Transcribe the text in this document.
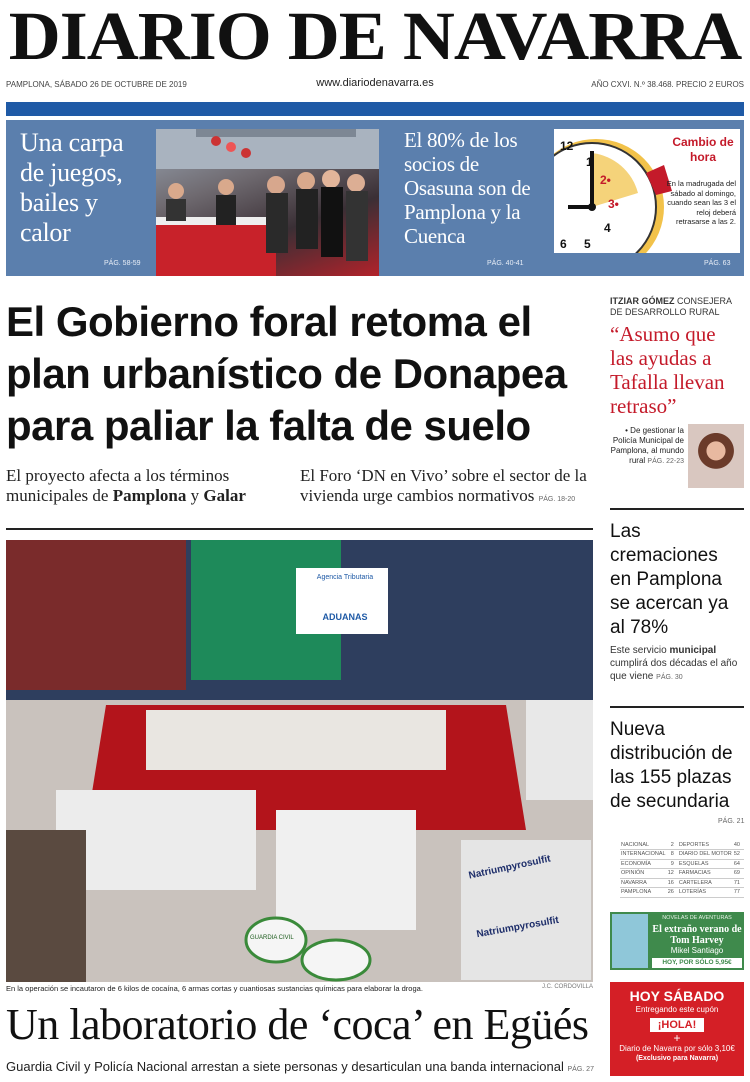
DIARIO DE NAVARRA
PAMPLONA, SÁBADO 26 DE OCTUBRE DE 2019	www.diariodenavarra.es	AÑO CXVI. N.º 38.468. PRECIO 2 EUROS
Una carpa de juegos, bailes y calor
PÁG. 58-59
El 80% de los socios de Osasuna son de Pamplona y la Cuenca
PÁG. 40-41
12
1
2•
3•
4
5
6
Cambio de hora
En la madrugada del sábado al domingo, cuando sean las 3 el reloj deberá retrasarse a las 2.
PÁG. 63
El Gobierno foral retoma el plan urbanístico de Donapea para paliar la falta de suelo
El proyecto afecta a los términos municipales de Pamplona y Galar
El Foro ‘DN en Vivo’ sobre el sector de la vivienda urge cambios normativos PÁG. 18-20
Agencia Tributaria
ADUANAS
Natriumpyrosulfit
Natriumpyrosulfit
GUARDIA CIVIL
En la operación se incautaron de 6 kilos de cocaína, 6 armas cortas y cuantiosas sustancias químicas para elaborar la droga.	J.C. CORDOVILLA
Un laboratorio de ‘coca’ en Egüés
Guardia Civil y Policía Nacional arrestan a siete personas y desarticulan una banda internacional PÁG. 27
ITZIAR GÓMEZ CONSEJERA DE DESARROLLO RURAL
“Asumo que las ayudas a Tafalla llevan retraso”
• De gestionar la Policía Municipal de Pamplona, al mundo rural PÁG. 22-23
Las cremaciones en Pamplona se acercan ya al 78%
Este servicio municipal cumplirá dos décadas el año que viene PÁG. 30
Nueva distribución de las 155 plazas de secundaria
PÁG. 21
NACIONAL	2	DEPORTES	40
INTERNACIONAL	8	DIARIO DEL MOTOR	52
ECONOMÍA	9	ESQUELAS	64
OPINIÓN	12	FARMACIAS	69
NAVARRA	16	CARTELERA	71
PAMPLONA	26	LOTERÍAS	77
NOVELAS DE AVENTURAS
El extraño verano de Tom Harvey
Mikel Santiago
HOY, POR SÓLO 5,95€
HOY SÁBADO
Entregando este cupón
¡HOLA!
+
Diario de Navarra por sólo 3,10€
(Exclusivo para Navarra)
